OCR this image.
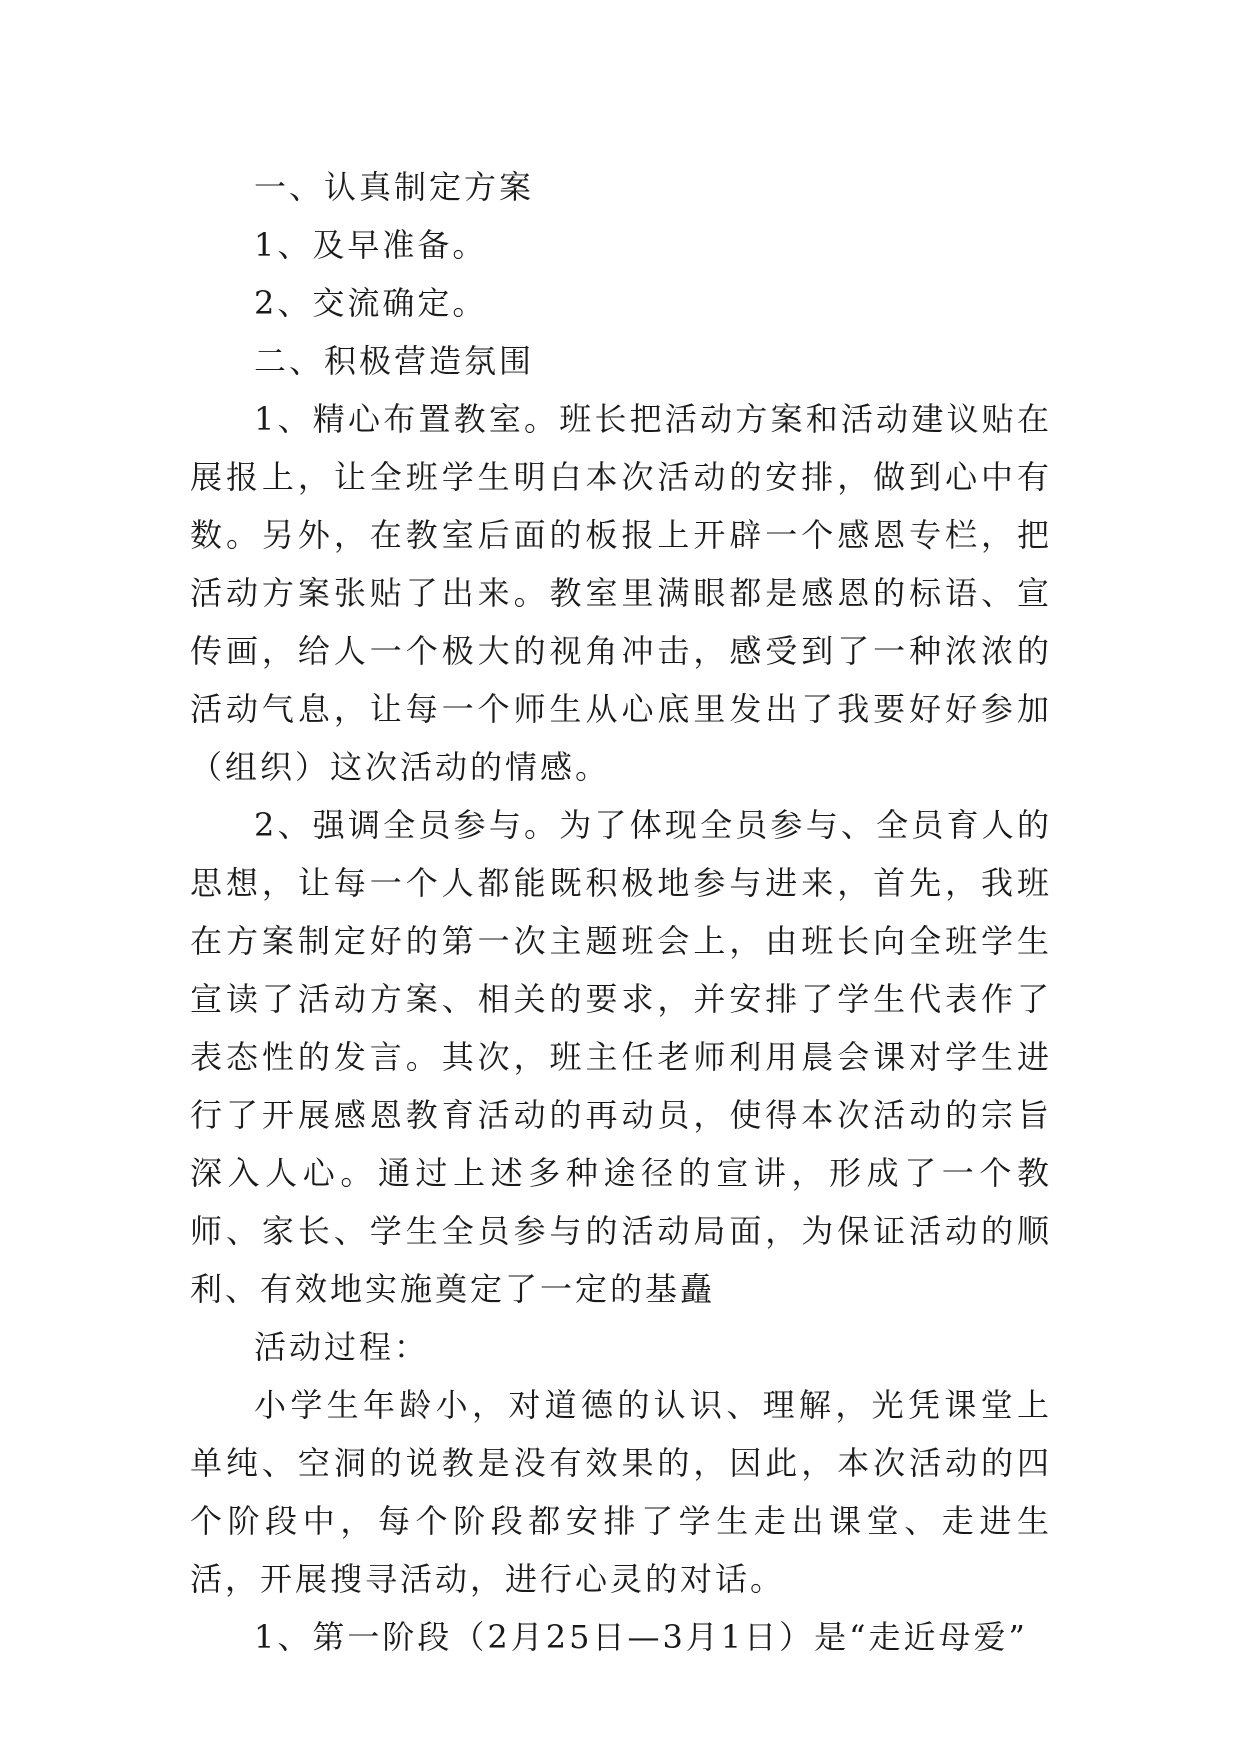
一、认真制定方案

1、及早准备。

2、交流确定。

二、积极营造氛围

1、精心布置教室。班长把活动方案和活动建议贴在展报上，让全班学生明白本次活动的安排，做到心中有数。另外，在教室后面的板报上开辟一个感恩专栏，把活动方案张贴了出来。教室里满眼都是感恩的标语、宣传画，给人一个极大的视角冲击，感受到了一种浓浓的活动气息，让每一个师生从心底里发出了我要好好参加（组织）这次活动的情感。

2、强调全员参与。为了体现全员参与、全员育人的思想，让每一个人都能既积极地参与进来，首先，我班在方案制定好的第一次主题班会上，由班长向全班学生宣读了活动方案、相关的要求，并安排了学生代表作了表态性的发言。其次，班主任老师利用晨会课对学生进行了开展感恩教育活动的再动员，使得本次活动的宗旨深入人心。通过上述多种途径的宣讲，形成了一个教师、家长、学生全员参与的活动局面，为保证活动的顺利、有效地实施奠定了一定的基矗

活动过程：

小学生年龄小，对道德的认识、理解，光凭课堂上单纯、空洞的说教是没有效果的，因此，本次活动的四个阶段中，每个阶段都安排了学生走出课堂、走进生活，开展搜寻活动，进行心灵的对话。

1、第一阶段（2月25日—3月1日）是“走近母爱”
